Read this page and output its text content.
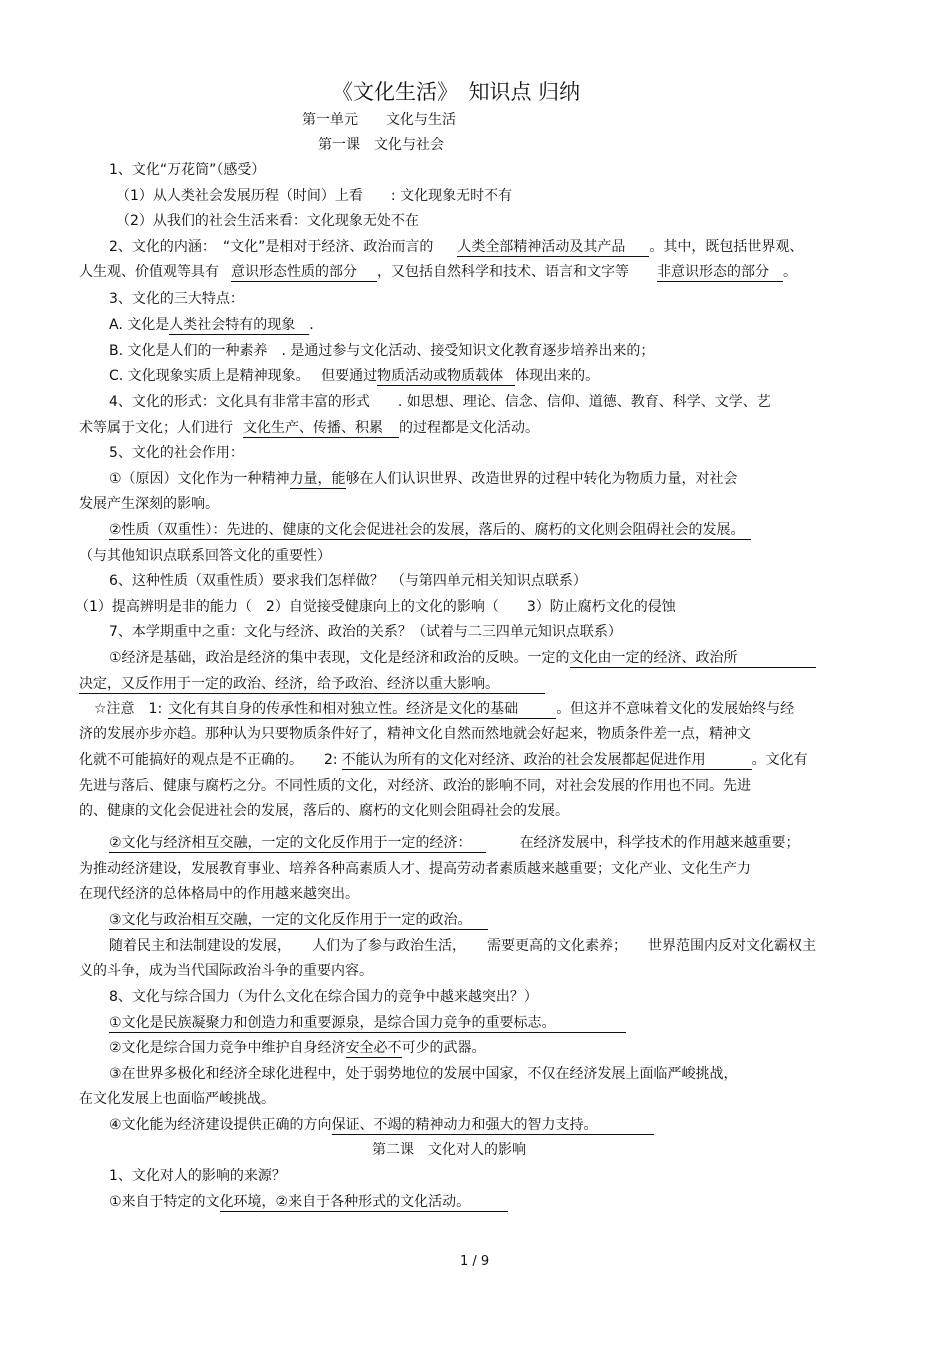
《文化生活》　知识点 归纳
第一单元　　文化与生活
第一课　文化与社会
1、文化“万花筒”（感受）
（1）从人类社会发展历程（时间）上看　　: 文化现象无时不有
（2）从我们的社会生活来看：文化现象无处不在
2、文化的内涵：　“文化”是相对于经济、政治而言的 人类全部精神活动及其产品 。其中，既包括世界观、
人生观、价值观等具有 意识形态性质的部分 ，又包括自然科学和技术、语言和文字等 非意识形态的部分 。
3、文化的三大特点：
A. 文化是人类社会特有的现象 .
B. 文化是人们的一种素养　. 是通过参与文化活动、接受知识文化教育逐步培养出来的；
C. 文化现象实质上是精神现象。　 但要通过物质活动或物质载体 体现出来的。
4、文化的形式：文化具有非常丰富的形式　　. 如思想、理论、信念、信仰、道德、教育、科学、文学、艺
术等属于文化；人们进行 文化生产、传播、积累 的过程都是文化活动。
5、文化的社会作用：
①（原因）文化作为一种精神力量，能够在人们认识世界、改造世界的过程中转化为物质力量，对社会
发展产生深刻的影响。
②性质（双重性）：先进的、健康的文化会促进社会的发展，落后的、腐朽的文化则会阻碍社会的发展。
（与其他知识点联系回答文化的重要性）
6、这种性质（双重性质）要求我们怎样做？　（与第四单元相关知识点联系）
（1）提高辨明是非的能力（　2）自觉接受健康向上的文化的影响（　　3）防止腐朽文化的侵蚀
7、本学期重中之重：文化与经济、政治的关系？（试着与二三四单元知识点联系）
①经济是基础，政治是经济的集中表现，文化是经济和政治的反映。一定的文化由一定的经济、政治所
决定，又反作用于一定的政治、经济，给予政治、经济以重大影响。
☆注意　1: 文化有其自身的传承性和相对独立性。经济是文化的基础	。但这并不意味着文化的发展始终与经
济的发展亦步亦趋。那种认为只要物质条件好了，精神文化自然而然地就会好起来，物质条件差一点，精神文
化就不可能搞好的观点是不正确的。　　2: 不能认为所有的文化对经济、政治的社会发展都起促进作用	。文化有
先进与落后、健康与腐朽之分。不同性质的文化，对经济、政治的影响不同，对社会发展的作用也不同。先进
的、健康的文化会促进社会的发展，落后的、腐朽的文化则会阻碍社会的发展。
②文化与经济相互交融，一定的文化反作用于一定的经济：	在经济发展中，科学技术的作用越来越重要；
为推动经济建设，发展教育事业、培养各种高素质人才、提高劳动者素质越来越重要；文化产业、文化生产力
在现代经济的总体格局中的作用越来越突出。
③文化与政治相互交融，一定的文化反作用于一定的政治。
随着民主和法制建设的发展，　　人们为了参与政治生活，　　需要更高的文化素养；　　世界范围内反对文化霸权主
义的斗争，成为当代国际政治斗争的重要内容。
8、文化与综合国力（为什么文化在综合国力的竞争中越来越突出？）
①文化是民族凝聚力和创造力和重要源泉，是综合国力竞争的重要标志。
②文化是综合国力竞争中维护自身经济安全必不可少的武器。
③在世界多极化和经济全球化进程中，处于弱势地位的发展中国家，不仅在经济发展上面临严峻挑战，
在文化发展上也面临严峻挑战。
④文化能为经济建设提供正确的方向保证、不竭的精神动力和强大的智力支持。
第二课　文化对人的影响
1、文化对人的影响的来源？
①来自于特定的文化环境，②来自于各种形式的文化活动。
1 / 9
